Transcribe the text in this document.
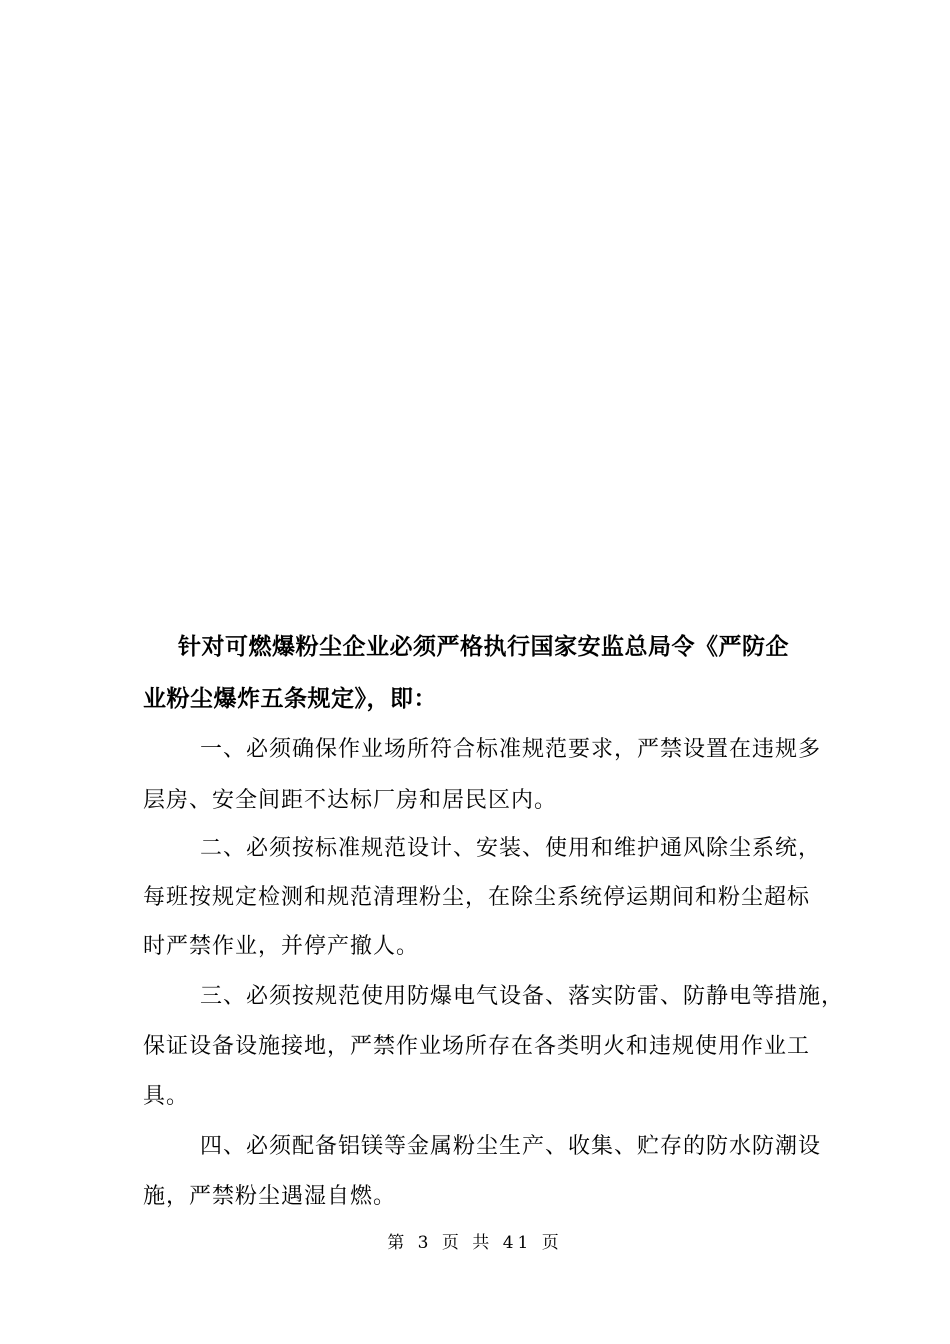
针对可燃爆粉尘企业必须严格执行国家安监总局令《严防企
业粉尘爆炸五条规定》，即：
一、必须确保作业场所符合标准规范要求，严禁设置在违规多
层房、安全间距不达标厂房和居民区内。
二、必须按标准规范设计、安装、使用和维护通风除尘系统，
每班按规定检测和规范清理粉尘，在除尘系统停运期间和粉尘超标
时严禁作业，并停产撤人。
三、必须按规范使用防爆电气设备、落实防雷、防静电等措施，
保证设备设施接地，严禁作业场所存在各类明火和违规使用作业工
具。
四、必须配备铝镁等金属粉尘生产、收集、贮存的防水防潮设
施，严禁粉尘遇湿自燃。
第 3 页 共 41 页
